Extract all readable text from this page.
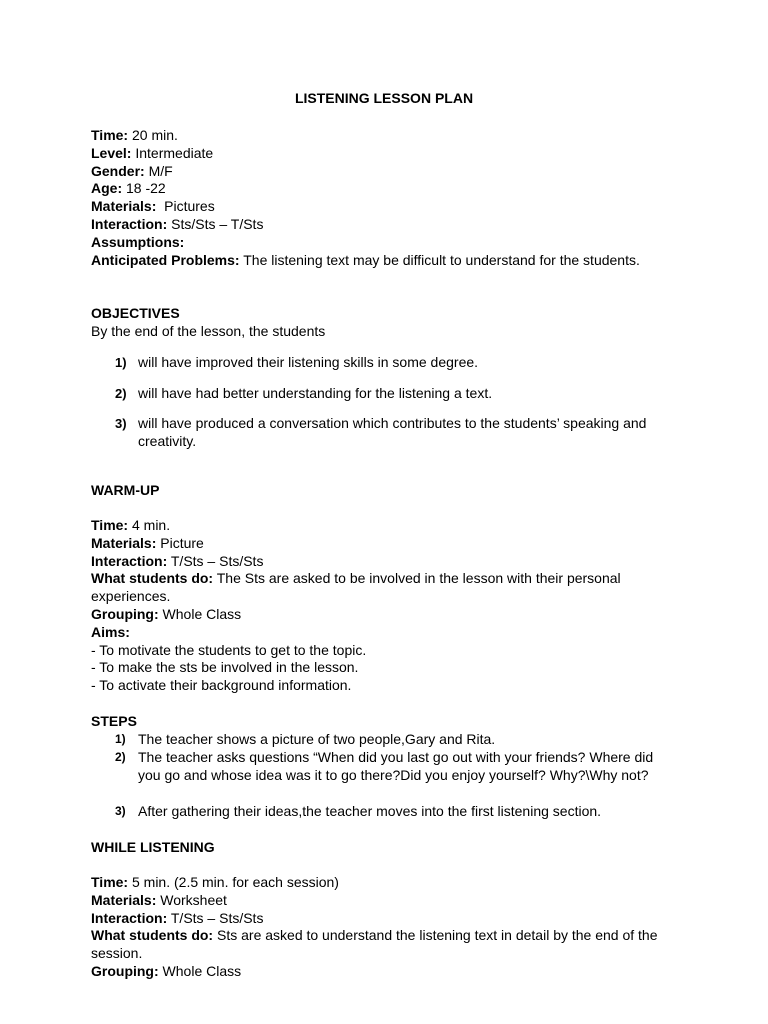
LISTENING LESSON PLAN
Time: 20 min.
Level: Intermediate
Gender: M/F
Age: 18 -22
Materials:  Pictures
Interaction: Sts/Sts – T/Sts
Assumptions:
Anticipated Problems: The listening text may be difficult to understand for the students.
OBJECTIVES
By the end of the lesson, the students
1) will have improved their listening skills in some degree.
2) will have had better understanding for the listening a text.
3) will have produced a conversation which contributes to the students’ speaking and creativity.
WARM-UP
Time: 4 min.
Materials: Picture
Interaction: T/Sts – Sts/Sts
What students do: The Sts are asked to be involved in the lesson with their personal experiences.
Grouping: Whole Class
Aims:
- To motivate the students to get to the topic.
- To make the sts be involved in the lesson.
- To activate their background information.
STEPS
1) The teacher shows a picture of two people,Gary and Rita.
2) The teacher asks questions “When did you last go out with your friends? Where did you go and whose idea was it to go there?Did you enjoy yourself? Why?\Why not?
3) After gathering their ideas,the teacher moves into the first listening section.
WHILE LISTENING
Time: 5 min. (2.5 min. for each session)
Materials: Worksheet
Interaction: T/Sts – Sts/Sts
What students do: Sts are asked to understand the listening text in detail by the end of the session.
Grouping: Whole Class
